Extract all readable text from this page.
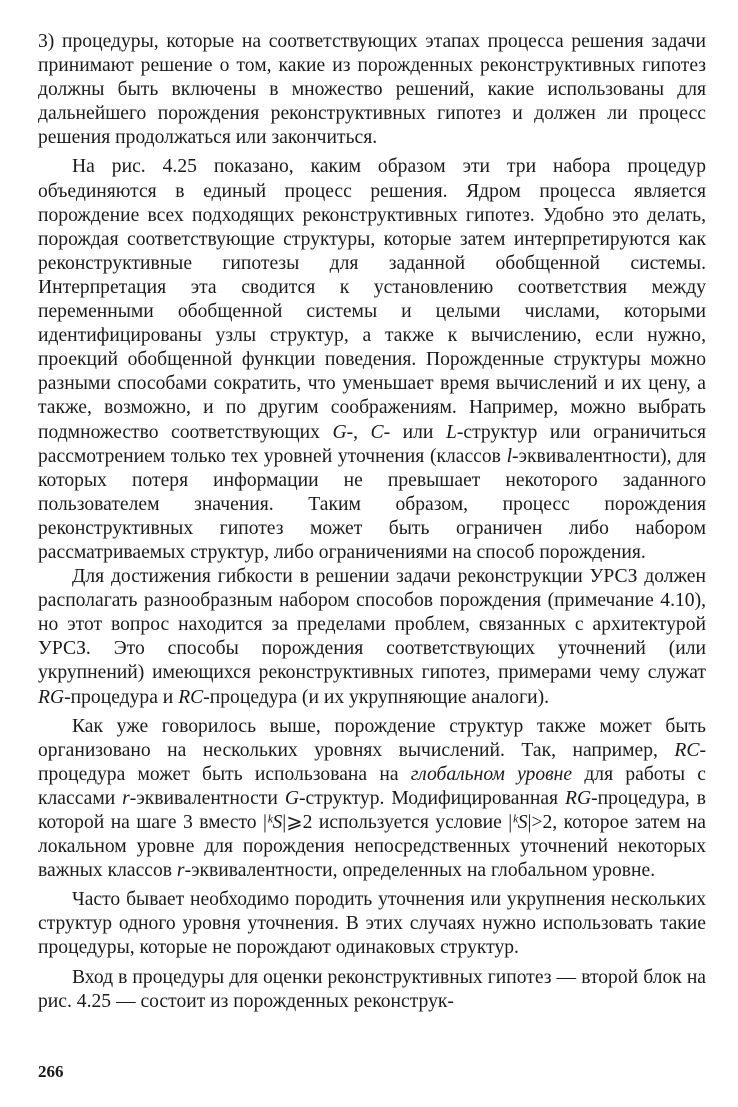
3) процедуры, которые на соответствующих этапах процесса решения задачи принимают решение о том, какие из порожденных реконструктивных гипотез должны быть включены в множество решений, какие использованы для дальнейшего порождения реконструктивных гипотез и должен ли процесс решения продолжаться или закончиться.

На рис. 4.25 показано, каким образом эти три набора процедур объединяются в единый процесс решения. Ядром процесса является порождение всех подходящих реконструктивных гипотез. Удобно это делать, порождая соответствующие структуры, которые затем интерпретируются как реконструктивные гипотезы для заданной обобщенной системы. Интерпретация эта сводится к установлению соответствия между переменными обобщенной системы и целыми числами, которыми идентифицированы узлы структур, а также к вычислению, если нужно, проекций обобщенной функции поведения. Порожденные структуры можно разными способами сократить, что уменьшает время вычислений и их цену, а также, возможно, и по другим соображениям. Например, можно выбрать подмножество соответствующих G-, C- или L-структур или ограничиться рассмотрением только тех уровней уточнения (классов l-эквивалентности), для которых потеря информации не превышает некоторого заданного пользователем значения. Таким образом, процесс порождения реконструктивных гипотез может быть ограничен либо набором рассматриваемых структур, либо ограничениями на способ порождения.

Для достижения гибкости в решении задачи реконструкции УРСЗ должен располагать разнообразным набором способов порождения (примечание 4.10), но этот вопрос находится за пределами проблем, связанных с архитектурой УРСЗ. Это способы порождения соответствующих уточнений (или укрупнений) имеющихся реконструктивных гипотез, примерами чему служат RG-процедура и RC-процедура (и их укрупняющие аналоги).

Как уже говорилось выше, порождение структур также может быть организовано на нескольких уровнях вычислений. Так, например, RC-процедура может быть использована на глобальном уровне для работы с классами r-эквивалентности G-структур. Модифицированная RG-процедура, в которой на шаге 3 вместо |ᵏS|⩾2 используется условие |ᵏS|>2, которое затем на локальном уровне для порождения непосредственных уточнений некоторых важных классов r-эквивалентности, определенных на глобальном уровне.

Часто бывает необходимо породить уточнения или укрупнения нескольких структур одного уровня уточнения. В этих случаях нужно использовать такие процедуры, которые не порождают одинаковых структур.

Вход в процедуры для оценки реконструктивных гипотез — второй блок на рис. 4.25 — состоит из порожденных реконструк-

266
